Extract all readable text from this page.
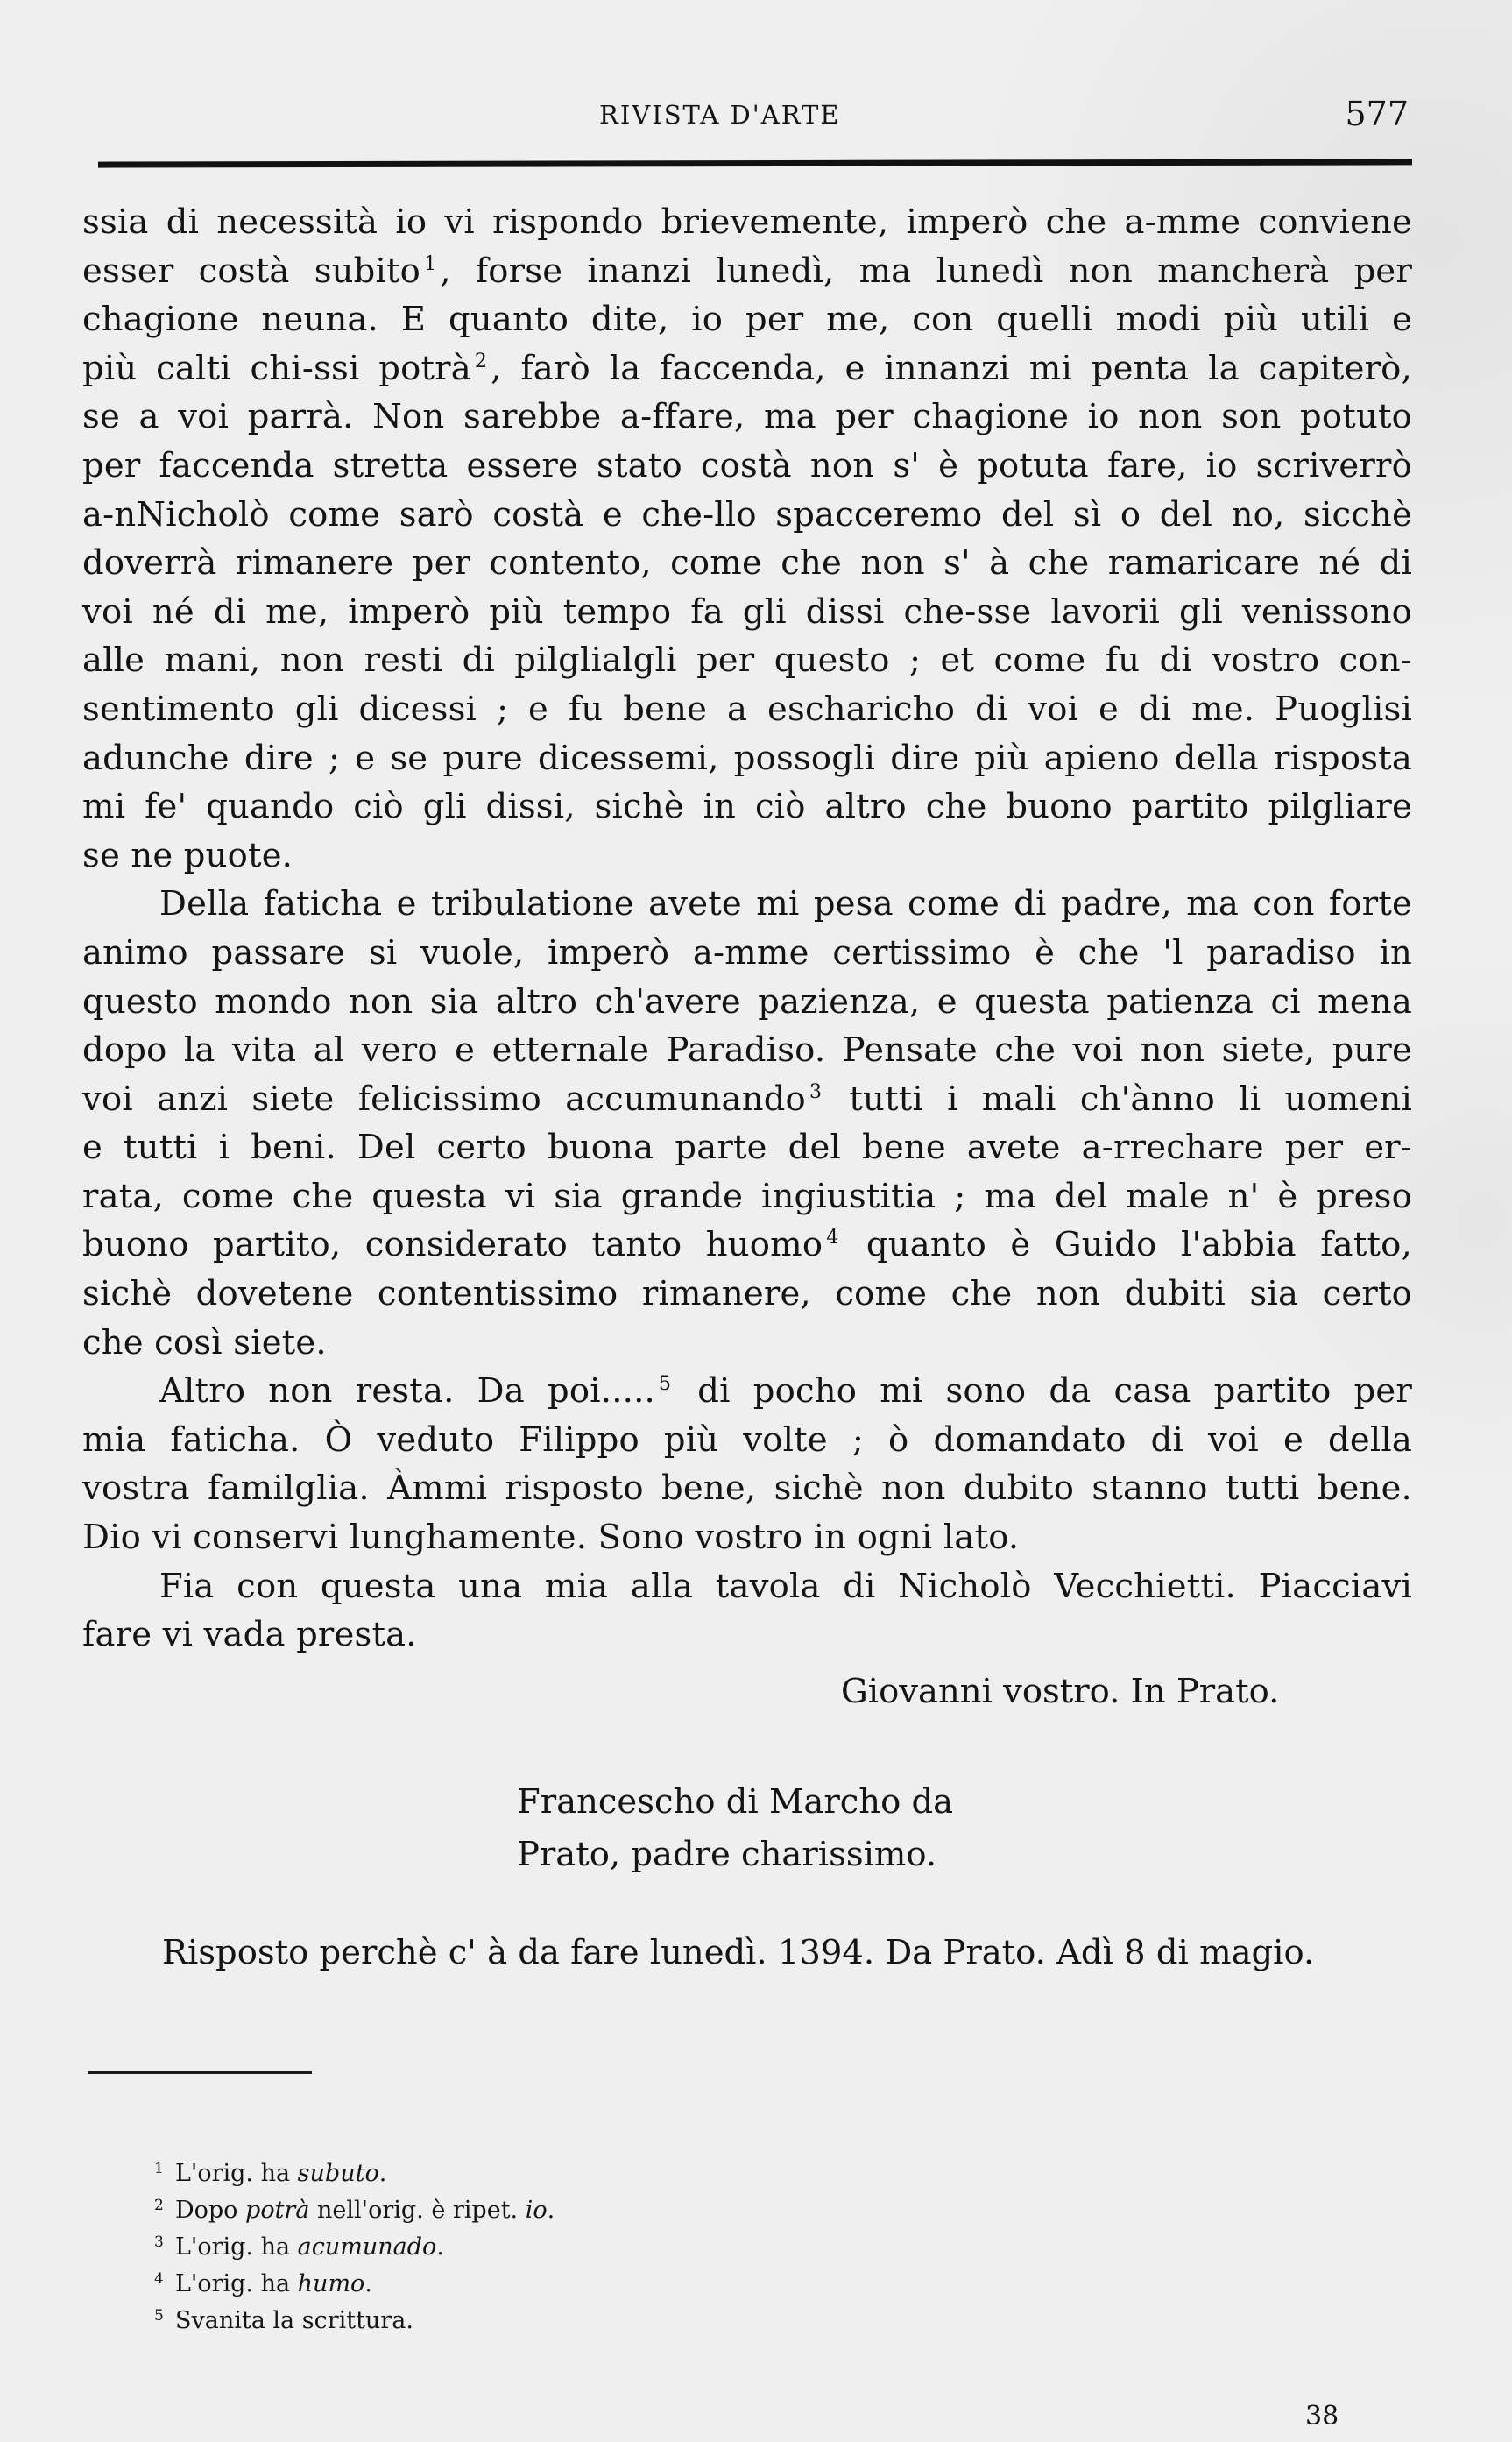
RIVISTA D'ARTE	577
ssia di necessità io vi rispondo brievemente, imperò che a-mme conviene
esser costà subito $^1$ , forse inanzi lunedì, ma lunedì non mancherà per
chagione neuna. E quanto dite, io per me, con quelli modi più utili e
più calti chi-ssi potrà $^2$ , farò la faccenda, e innanzi mi penta la capiterò,
se a voi parrà. Non sarebbe a-ffare, ma per chagione io non son potuto
per faccenda stretta essere stato costà non s' è potuta fare, io scriverrò
a-nNicholò come sarò costà e che-llo spacceremo del sì o del no, sicchè
doverrà rimanere per contento, come che non s' à che ramaricare né di
voi né di me, imperò più tempo fa gli dissi che-sse lavorii gli venissono
alle mani, non resti di pilglialgli per questo ; et come fu di vostro con-
sentimento gli dicessi ; e fu bene a escharicho di voi e di me. Puoglisi
adunche dire ; e se pure dicessemi, possogli dire più apieno della risposta
mi fe' quando ciò gli dissi, sichè in ciò altro che buono partito pilgliare
se ne puote.
Della faticha e tribulatione avete mi pesa come di padre, ma con forte
animo passare si vuole, imperò a-mme certissimo è che 'l paradiso in
questo mondo non sia altro ch'avere pazienza, e questa patienza ci mena
dopo la vita al vero e etternale Paradiso. Pensate che voi non siete, pure
voi anzi siete felicissimo accumunando $^3$ tutti i mali ch'ànno li uomeni
e tutti i beni. Del certo buona parte del bene avete a-rrechare per er-
rata, come che questa vi sia grande ingiustitia ; ma del male n' è preso
buono partito, considerato tanto huomo $^4$ quanto è Guido l'abbia fatto,
sichè dovetene contentissimo rimanere, come che non dubiti sia certo
che così siete.
Altro non resta. Da poi..... $^5$ di pocho mi sono da casa partito per
mia faticha. Ò veduto Filippo più volte ; ò domandato di voi e della
vostra familglia. Àmmi risposto bene, sichè non dubito stanno tutti bene.
Dio vi conservi lunghamente. Sono vostro in ogni lato.
Fia con questa una mia alla tavola di Nicholò Vecchietti. Piacciavi
fare vi vada presta.
Giovanni vostro. In Prato.
Francescho di Marcho da
Prato, padre charissimo.
Risposto perchè c' à da fare lunedì. 1394. Da Prato. Adì 8 di magio.
1 L'orig. ha subuto.
2 Dopo potrà nell'orig. è ripet. io.
3 L'orig. ha acumunado.
4 L'orig. ha humo.
5 Svanita la scrittura.
38
